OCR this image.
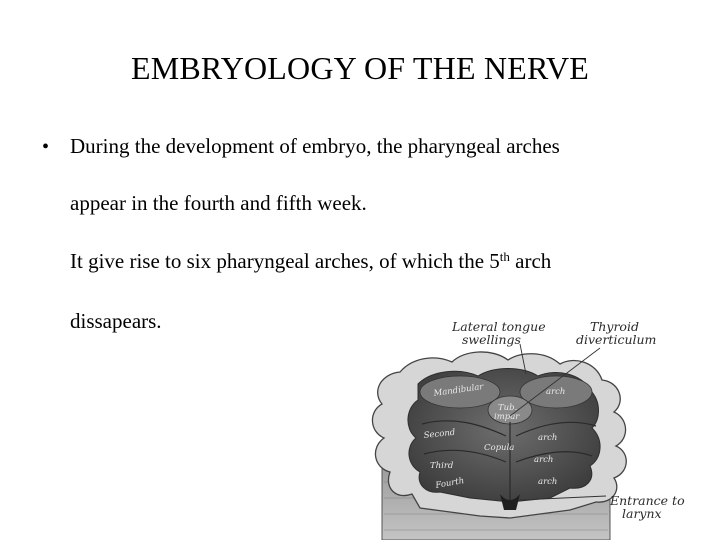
EMBRYOLOGY OF THE NERVE
• During the development of embryo, the pharyngeal arches
appear in the fourth and fifth week.
It give rise to six pharyngeal arches, of which the 5th arch
dissapears.
Mandibular	arch
Tub.
impar
Second	arch
Copula
Third
arch
Fourth	arch
Lateral tongue
swellings
Thyroid
diverticulum
Entrance to
larynx
